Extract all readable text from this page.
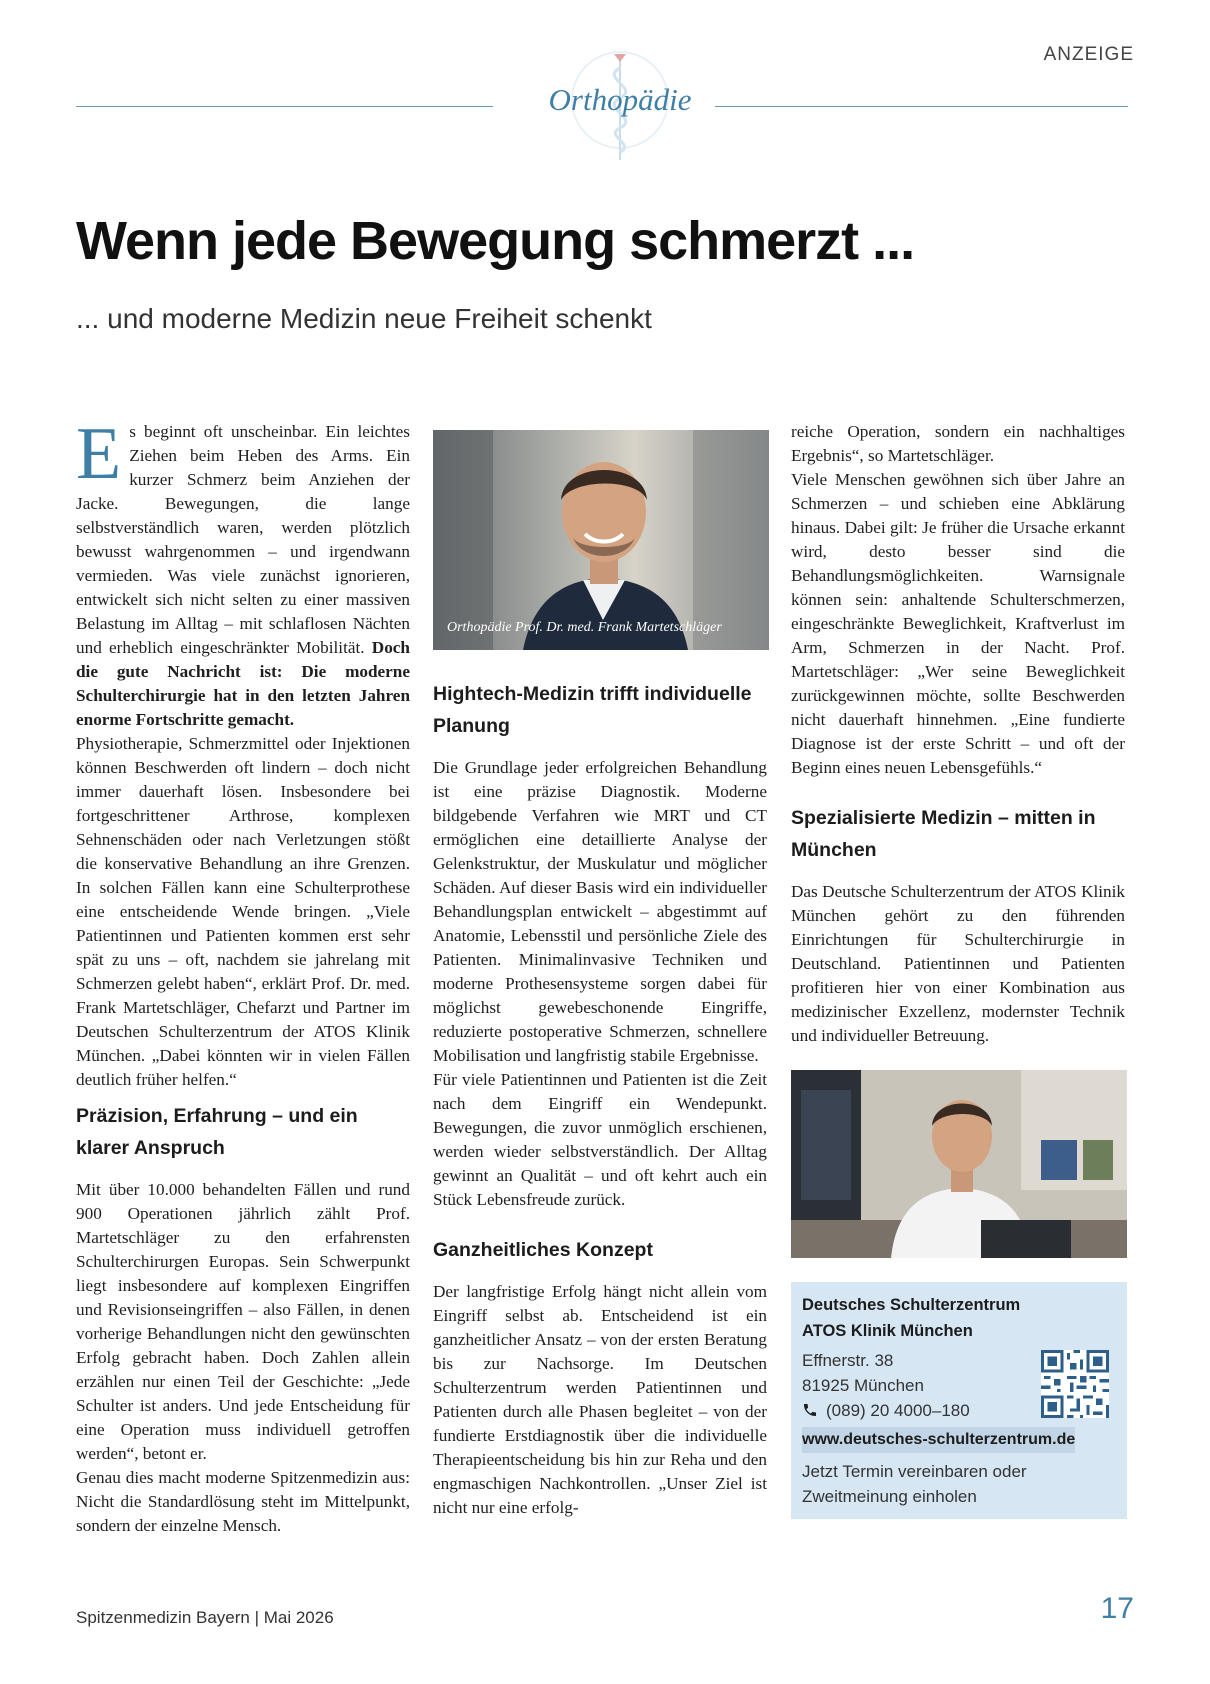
ANZEIGE
Orthopädie
Wenn jede Bewegung schmerzt ...
... und moderne Medizin neue Freiheit schenkt

Es beginnt oft unscheinbar. Ein leichtes Ziehen beim Heben des Arms. Ein kurzer Schmerz beim Anziehen der Jacke. Bewegungen, die lange selbstverständlich waren, werden plötzlich bewusst wahrgenommen – und irgendwann vermieden. Was viele zunächst ignorieren, entwickelt sich nicht selten zu einer massiven Belastung im Alltag – mit schlaflosen Nächten und erheblich eingeschränkter Mobilität. Doch die gute Nachricht ist: Die moderne Schulterchirurgie hat in den letzten Jahren enorme Fortschritte gemacht.

Physiotherapie, Schmerzmittel oder Injektionen können Beschwerden oft lindern – doch nicht immer dauerhaft lösen. Insbesondere bei fortgeschrittener Arthrose, komplexen Sehnenschäden oder nach Verletzungen stößt die konservative Behandlung an ihre Grenzen. In solchen Fällen kann eine Schulterprothese eine entscheidende Wende bringen. „Viele Patientinnen und Patienten kommen erst sehr spät zu uns – oft, nachdem sie jahrelang mit Schmerzen gelebt haben“, erklärt Prof. Dr. med. Frank Martetschläger, Chefarzt und Partner im Deutschen Schulterzentrum der ATOS Klinik München. „Dabei könnten wir in vielen Fällen deutlich früher helfen.“

Präzision, Erfahrung – und ein klarer Anspruch

Mit über 10.000 behandelten Fällen und rund 900 Operationen jährlich zählt Prof. Martetschläger zu den erfahrensten Schulterchirurgen Europas. Sein Schwerpunkt liegt insbesondere auf komplexen Eingriffen und Revisionseingriffen – also Fällen, in denen vorherige Behandlungen nicht den gewünschten Erfolg gebracht haben. Doch Zahlen allein erzählen nur einen Teil der Geschichte: „Jede Schulter ist anders. Und jede Entscheidung für eine Operation muss individuell getroffen werden“, betont er.

Genau dies macht moderne Spitzenmedizin aus: Nicht die Standardlösung steht im Mittelpunkt, sondern der einzelne Mensch.

Orthopädie Prof. Dr. med. Frank Martetschläger
Hightech-Medizin trifft individuelle Planung

Die Grundlage jeder erfolgreichen Behandlung ist eine präzise Diagnostik. Moderne bildgebende Verfahren wie MRT und CT ermöglichen eine detaillierte Analyse der Gelenkstruktur, der Muskulatur und möglicher Schäden. Auf dieser Basis wird ein individueller Behandlungsplan entwickelt – abgestimmt auf Anatomie, Lebensstil und persönliche Ziele des Patienten. Minimalinvasive Techniken und moderne Prothesensysteme sorgen dabei für möglichst gewebeschonende Eingriffe, reduzierte postoperative Schmerzen, schnellere Mobilisation und langfristig stabile Ergebnisse.

Für viele Patientinnen und Patienten ist die Zeit nach dem Eingriff ein Wendepunkt. Bewegungen, die zuvor unmöglich erschienen, werden wieder selbstverständlich. Der Alltag gewinnt an Qualität – und oft kehrt auch ein Stück Lebensfreude zurück.

Ganzheitliches Konzept

Der langfristige Erfolg hängt nicht allein vom Eingriff selbst ab. Entscheidend ist ein ganzheitlicher Ansatz – von der ersten Beratung bis zur Nachsorge. Im Deutschen Schulterzentrum werden Patientinnen und Patienten durch alle Phasen begleitet – von der fundierte Erstdiagnostik über die individuelle Therapieentscheidung bis hin zur Reha und den engmaschigen Nachkontrollen. „Unser Ziel ist nicht nur eine erfolg-

reiche Operation, sondern ein nachhaltiges Ergebnis“, so Martetschläger.

Viele Menschen gewöhnen sich über Jahre an Schmerzen – und schieben eine Abklärung hinaus. Dabei gilt: Je früher die Ursache erkannt wird, desto besser sind die Behandlungsmöglichkeiten. Warnsignale können sein: anhaltende Schulterschmerzen, eingeschränkte Beweglichkeit, Kraftverlust im Arm, Schmerzen in der Nacht. Prof. Martetschläger: „Wer seine Beweglichkeit zurückgewinnen möchte, sollte Beschwerden nicht dauerhaft hinnehmen. „Eine fundierte Diagnose ist der erste Schritt – und oft der Beginn eines neuen Lebensgefühls.“

Spezialisierte Medizin – mitten in München

Das Deutsche Schulterzentrum der ATOS Klinik München gehört zu den führenden Einrichtungen für Schulterchirurgie in Deutschland. Patientinnen und Patienten profitieren hier von einer Kombination aus medizinischer Exzellenz, modernster Technik und individueller Betreuung.

Deutsches Schulterzentrum
ATOS Klinik München
Effnerstr. 38
81925 München
(089) 20 4000–180
www.deutsches-schulterzentrum.de
Jetzt Termin vereinbaren oder Zweitmeinung einholen
Spitzenmedizin Bayern | Mai 2026	17
